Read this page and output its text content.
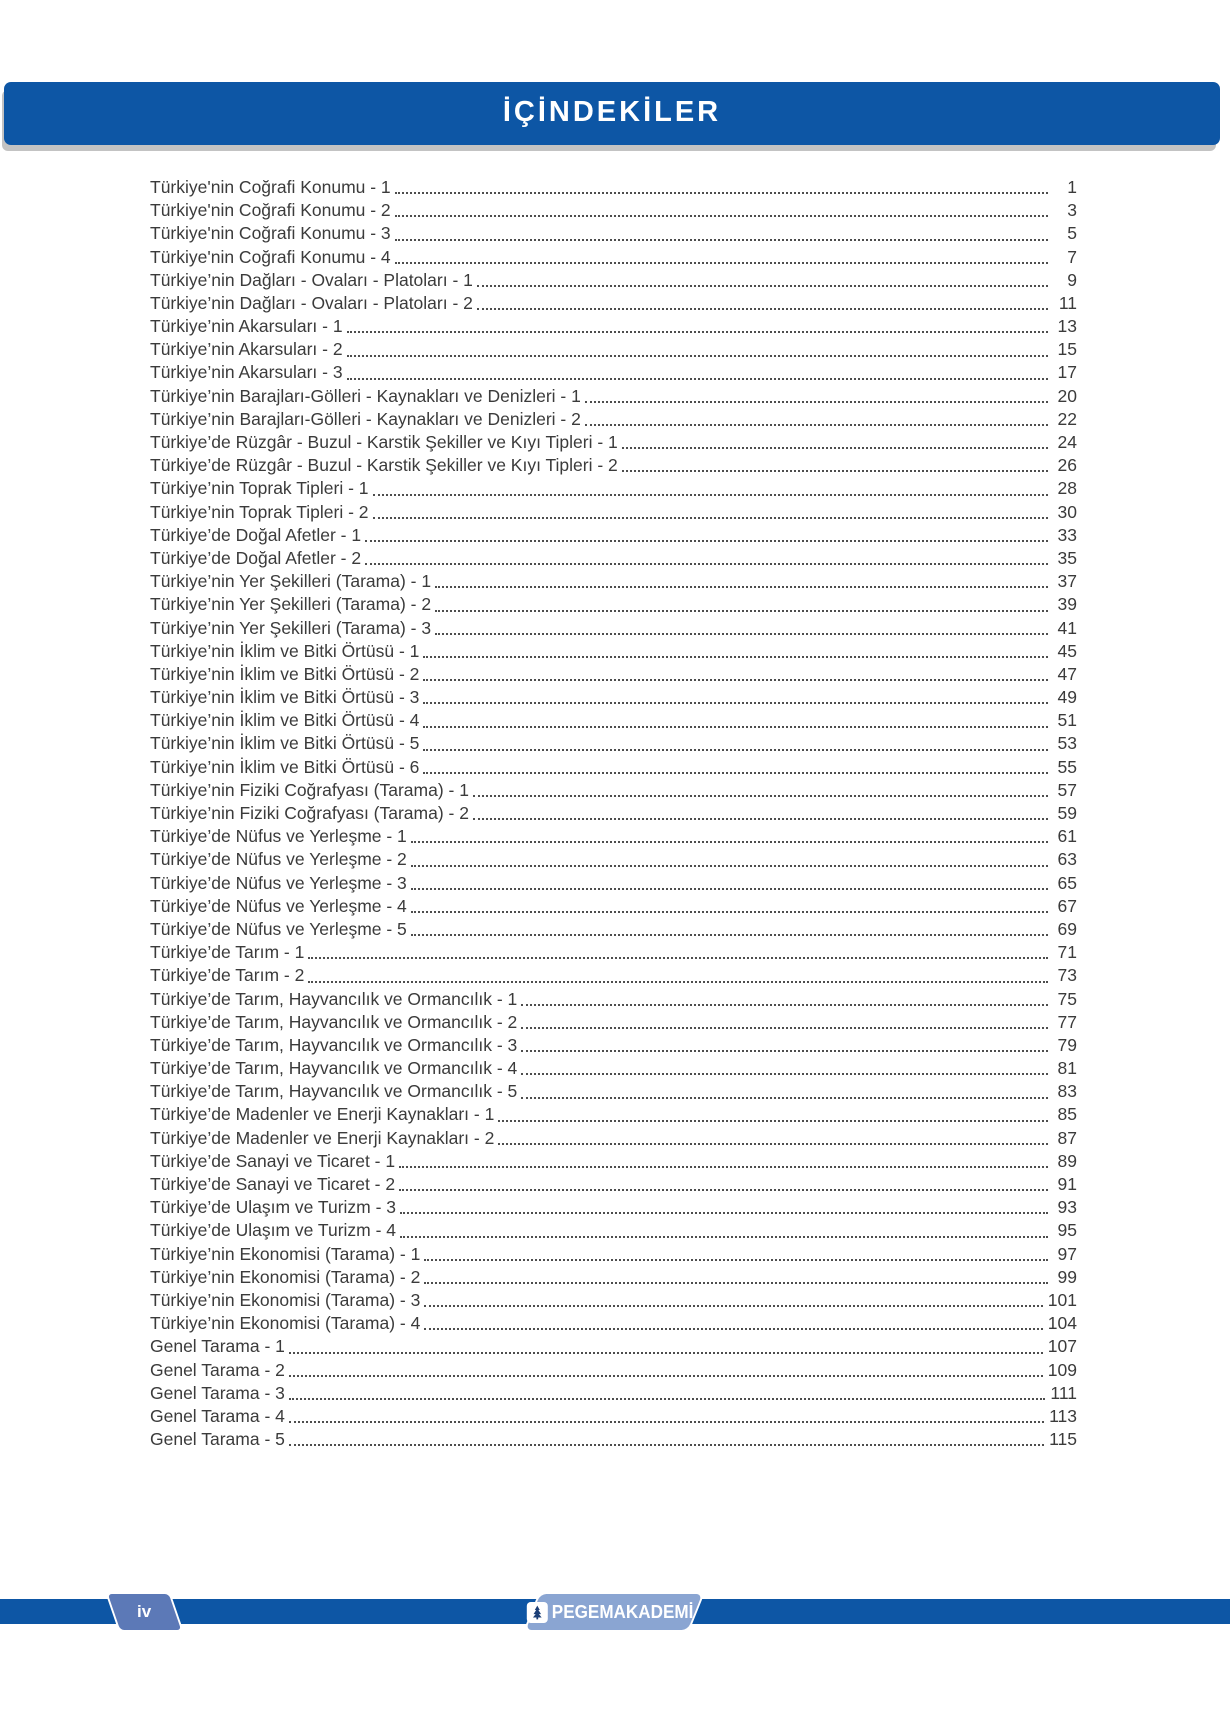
İÇİNDEKİLER
Türkiye'nin Coğrafi Konumu - 1	1
Türkiye'nin Coğrafi Konumu - 2	3
Türkiye'nin Coğrafi Konumu - 3	5
Türkiye'nin Coğrafi Konumu - 4	7
Türkiye’nin Dağları - Ovaları - Platoları - 1	9
Türkiye’nin Dağları - Ovaları - Platoları - 2	11
Türkiye’nin Akarsuları - 1	13
Türkiye’nin Akarsuları - 2	15
Türkiye’nin Akarsuları - 3	17
Türkiye’nin Barajları-Gölleri - Kaynakları ve Denizleri - 1	20
Türkiye’nin Barajları-Gölleri - Kaynakları ve Denizleri - 2	22
Türkiye’de Rüzgâr - Buzul - Karstik Şekiller ve Kıyı Tipleri - 1	24
Türkiye’de Rüzgâr - Buzul - Karstik Şekiller ve Kıyı Tipleri - 2	26
Türkiye’nin Toprak Tipleri - 1	28
Türkiye’nin Toprak Tipleri - 2	30
Türkiye’de Doğal Afetler - 1	33
Türkiye’de Doğal Afetler - 2	35
Türkiye’nin Yer Şekilleri (Tarama) - 1	37
Türkiye’nin Yer Şekilleri (Tarama) - 2	39
Türkiye’nin Yer Şekilleri (Tarama) - 3	41
Türkiye’nin İklim ve Bitki Örtüsü - 1	45
Türkiye’nin İklim ve Bitki Örtüsü - 2	47
Türkiye’nin İklim ve Bitki Örtüsü - 3	49
Türkiye’nin İklim ve Bitki Örtüsü - 4	51
Türkiye’nin İklim ve Bitki Örtüsü - 5	53
Türkiye’nin İklim ve Bitki Örtüsü - 6	55
Türkiye’nin Fiziki Coğrafyası (Tarama) - 1	57
Türkiye’nin Fiziki Coğrafyası (Tarama) - 2	59
Türkiye’de Nüfus ve Yerleşme - 1	61
Türkiye’de Nüfus ve Yerleşme - 2	63
Türkiye’de Nüfus ve Yerleşme - 3	65
Türkiye’de Nüfus ve Yerleşme - 4	67
Türkiye’de Nüfus ve Yerleşme - 5	69
Türkiye’de Tarım - 1	71
Türkiye’de Tarım - 2	73
Türkiye’de Tarım, Hayvancılık ve Ormancılık - 1	75
Türkiye’de Tarım, Hayvancılık ve Ormancılık - 2	77
Türkiye’de Tarım, Hayvancılık ve Ormancılık - 3	79
Türkiye’de Tarım, Hayvancılık ve Ormancılık - 4	81
Türkiye’de Tarım, Hayvancılık ve Ormancılık - 5	83
Türkiye’de Madenler ve Enerji Kaynakları - 1	85
Türkiye’de Madenler ve Enerji Kaynakları - 2	87
Türkiye’de Sanayi ve Ticaret - 1	89
Türkiye’de Sanayi ve Ticaret - 2	91
Türkiye’de Ulaşım ve Turizm - 3	93
Türkiye’de Ulaşım ve Turizm - 4	95
Türkiye’nin Ekonomisi (Tarama) - 1	97
Türkiye’nin Ekonomisi (Tarama) - 2	99
Türkiye’nin Ekonomisi (Tarama) - 3	101
Türkiye’nin Ekonomisi (Tarama) - 4	104
Genel Tarama - 1	107
Genel Tarama - 2	109
Genel Tarama - 3	111
Genel Tarama - 4	113
Genel Tarama - 5	115
iv	PEGEMAKADEMİ
